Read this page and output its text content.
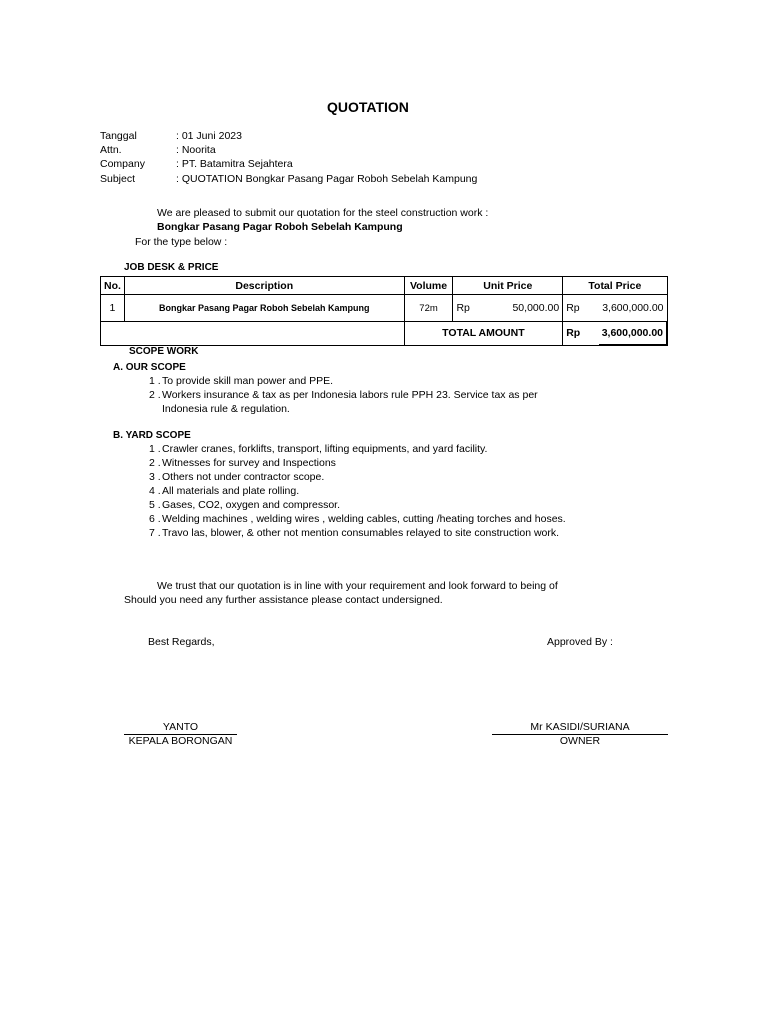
QUOTATION
Tanggal	: 01 Juni 2023
Attn.	: Noorita
Company	: PT. Batamitra Sejahtera
Subject	: QUOTATION Bongkar Pasang Pagar Roboh Sebelah Kampung
We are pleased to submit our quotation for the steel construction work :
Bongkar Pasang Pagar Roboh Sebelah Kampung
For the type below :
JOB DESK & PRICE
No.	Description	Volume	Unit Price		Total Price	
1	Bongkar Pasang Pagar Roboh Sebelah Kampung	72m	Rp	50,000.00	Rp	3,600,000.00
		TOTAL AMOUNT			Rp	3,600,000.00
SCOPE WORK
A. OUR SCOPE
1 . To provide skill man power and PPE.
2 . Workers insurance & tax as per Indonesia labors rule PPH 23. Service tax as per
Indonesia rule & regulation.
B. YARD SCOPE
1 . Crawler cranes, forklifts, transport, lifting equipments, and yard facility.
2 . Witnesses for survey and Inspections
3 . Others not under contractor scope.
4 . All materials and plate rolling.
5 . Gases, CO2, oxygen and compressor.
6 . Welding machines , welding wires , welding cables, cutting /heating torches and hoses.
7 . Travo las, blower, & other not mention consumables relayed to site construction work.
We trust that our quotation is in line with your requirement and look forward to being of
Should you need any further assistance please contact undersigned.
Best Regards,	Approved By :
YANTO
KEPALA BORONGAN
Mr KASIDI/SURIANA
OWNER
